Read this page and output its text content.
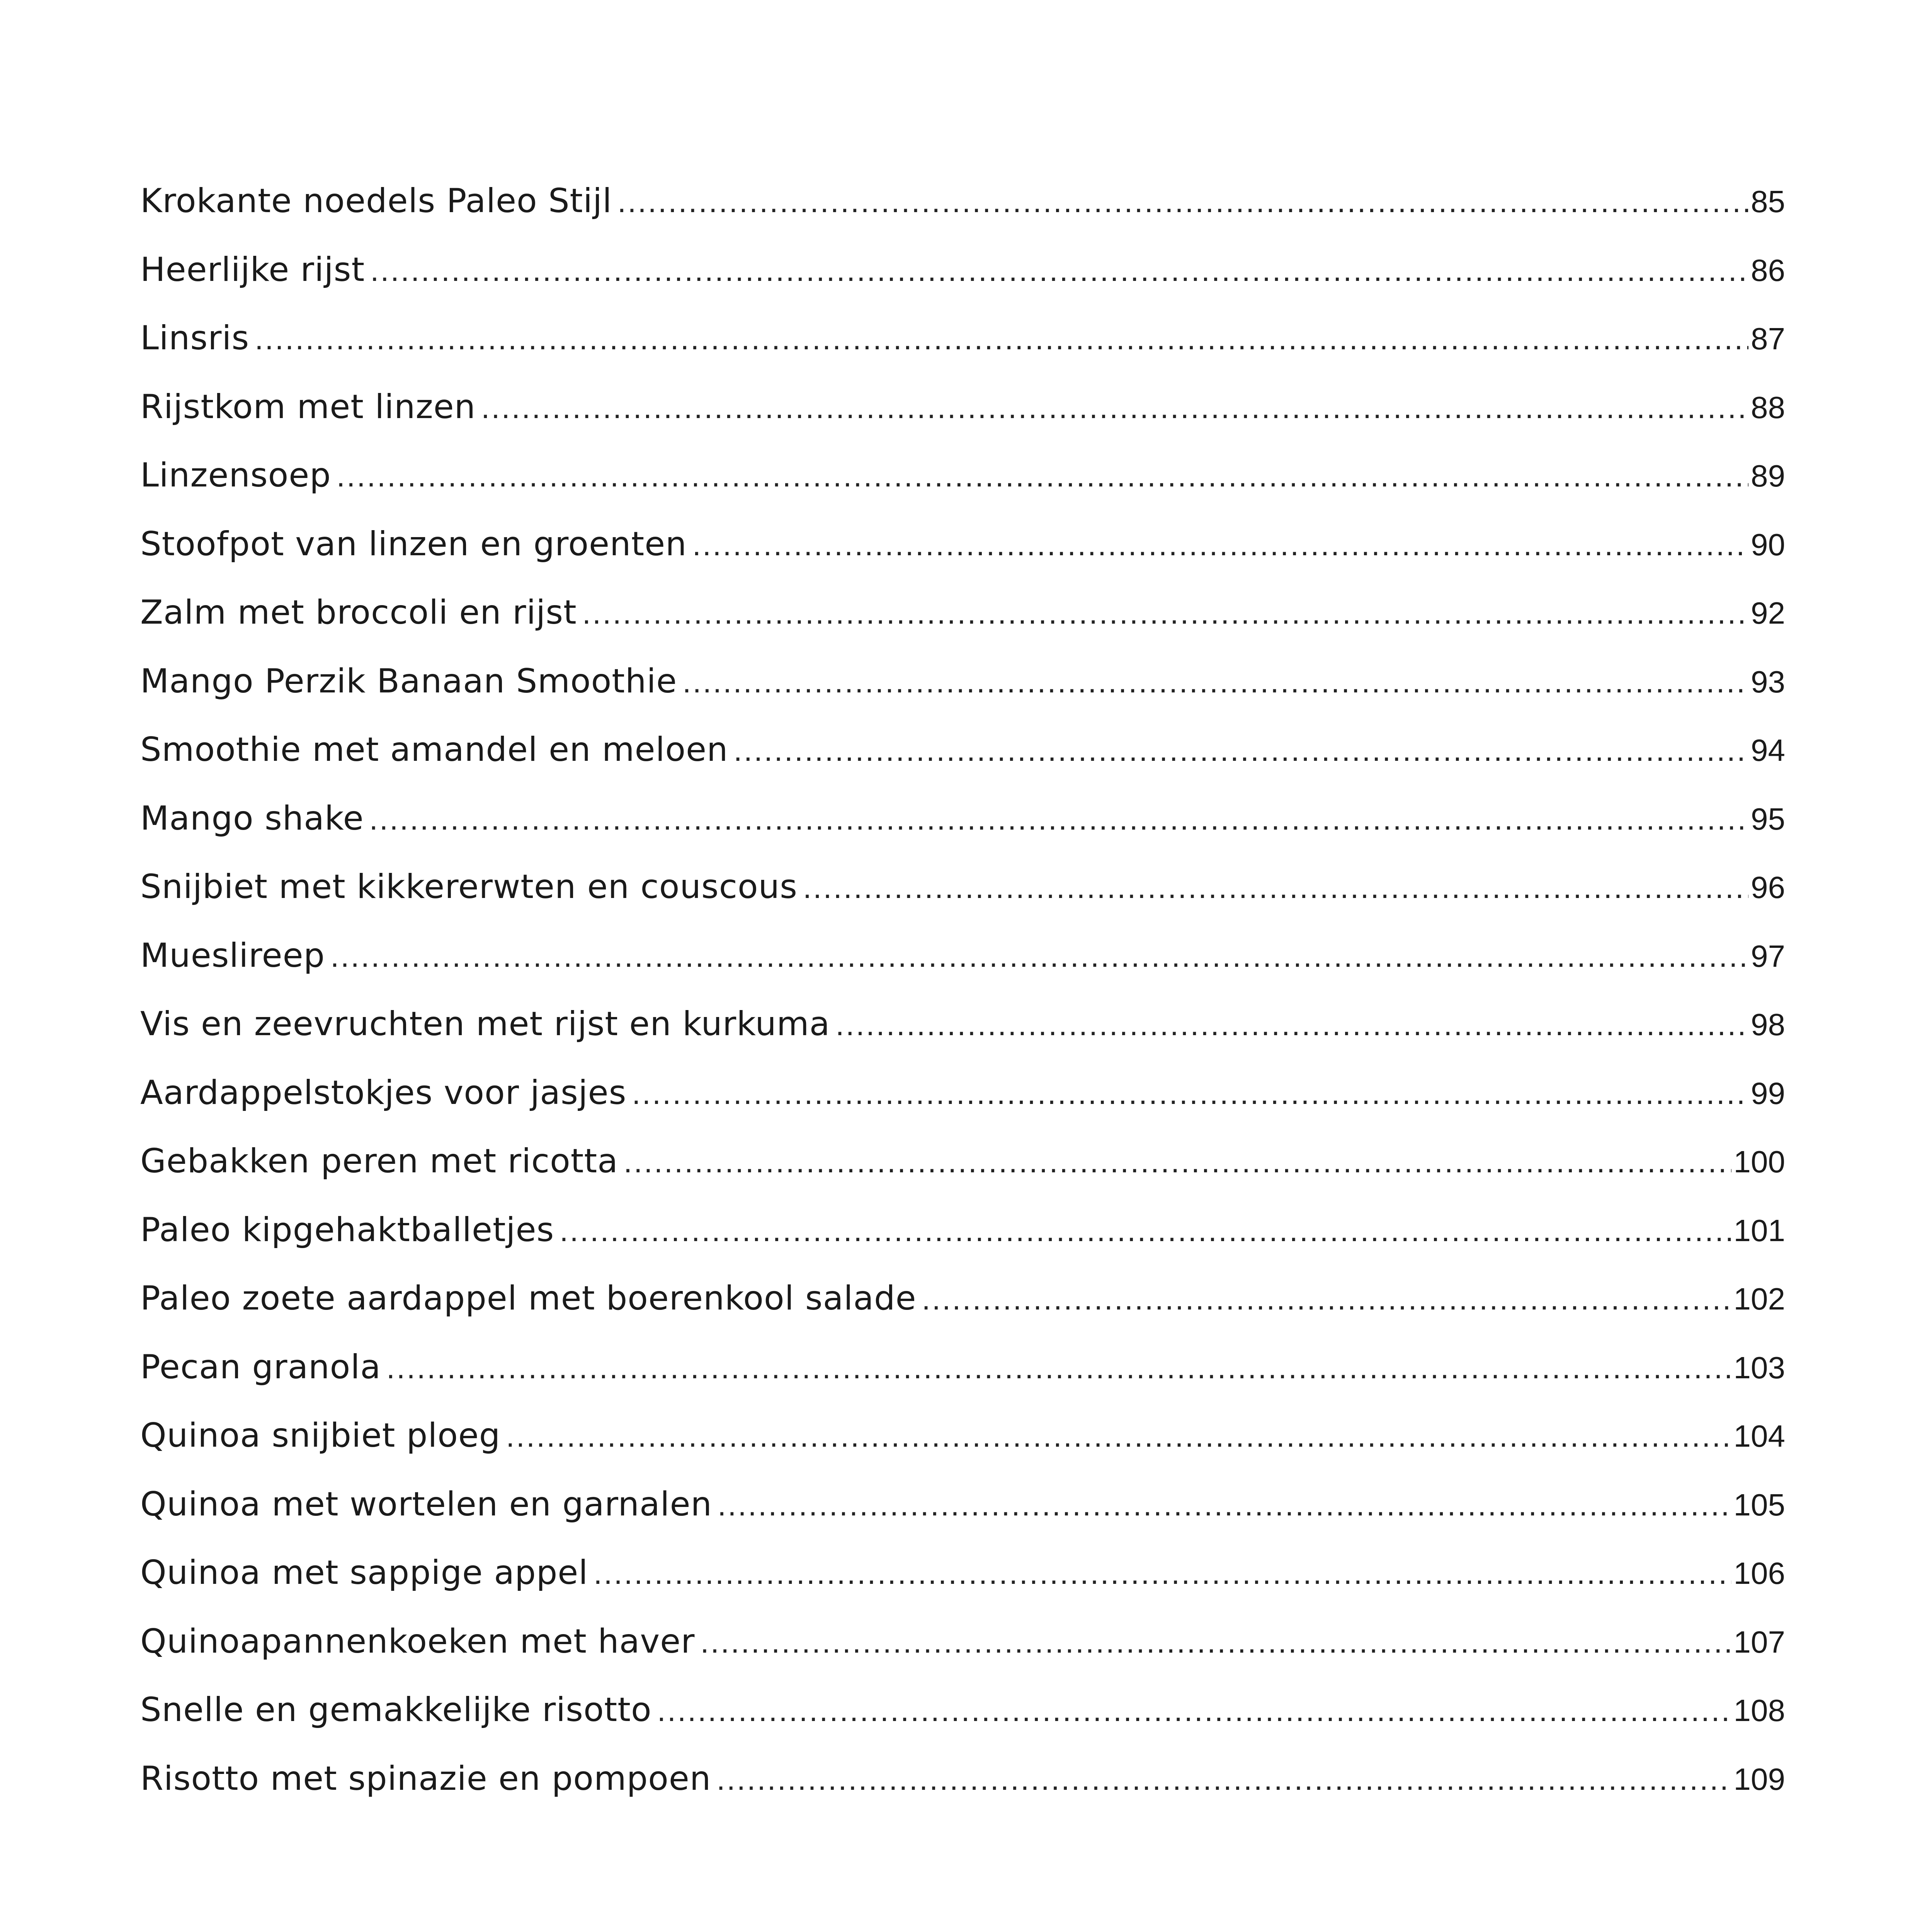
Krokante noedels Paleo Stijl .....	85
Heerlijke rijst .....	86
Linsris .....	87
Rijstkom met linzen .....	88
Linzensoep .....	89
Stoofpot van linzen en groenten .....	90
Zalm met broccoli en rijst .....	92
Mango Perzik Banaan Smoothie .....	93
Smoothie met amandel en meloen .....	94
Mango shake .....	95
Snijbiet met kikkererwten en couscous .....	96
Mueslireep .....	97
Vis en zeevruchten met rijst en kurkuma .....	98
Aardappelstokjes voor jasjes .....	99
Gebakken peren met ricotta .....	100
Paleo kipgehaktballetjes .....	101
Paleo zoete aardappel met boerenkool salade .....	102
Pecan granola .....	103
Quinoa snijbiet ploeg .....	104
Quinoa met wortelen en garnalen .....	105
Quinoa met sappige appel .....	106
Quinoapannenkoeken met haver .....	107
Snelle en gemakkelijke risotto .....	108
Risotto met spinazie en pompoen .....	109
